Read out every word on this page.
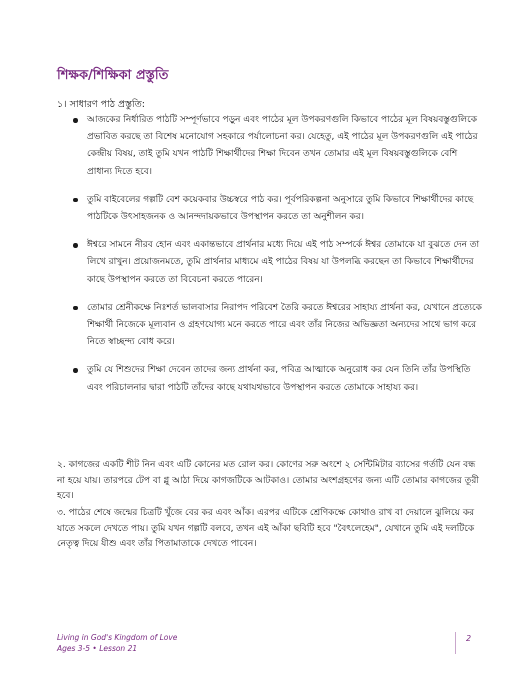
শিক্ষক/শিক্ষিকা প্রস্তুতি
১। সাধারণ পাঠ প্রস্তুতি:
আজকের নির্ধারিত পাঠটি সম্পূর্ণভাবে পড়ুন এবং পাঠের মূল উপকরণগুলি কিভাবে পাঠের মূল বিষয়বস্তুগুলিকে প্রভাবিত করছে তা বিশেষ মনোযোগ সহকারে পর্যালোচনা কর। যেহেতু, এই পাঠের মূল উপকরণগুলি এই পাঠের কেন্দ্রীয় বিষয়, তাই তুমি যখন পাঠটি শিক্ষার্থীদের শিক্ষা দিবেন তখন তোমার এই মূল বিষয়বস্তুগুলিকে বেশি প্রাধান্য দিতে হবে।
তুমি বাইবেলের গল্পটি বেশ কয়েকবার উচ্চস্বরে পাঠ কর। পূর্বপরিকল্পনা অনুসারে তুমি কিভাবে শিক্ষার্থীদের কাছে পাঠটিকে উৎসাহজনক ও আনন্দদায়কভাবে উপস্থাপন করতে তা অনুশীলন কর।
ঈশ্বরে সামনে নীরব হোন এবং একান্তভাবে প্রার্থনার মধ্যে দিয়ে এই পাঠ সম্পর্কে ঈশ্বর তোমাকে যা বুঝতে দেন তা লিখে রাখুন। প্রয়োজনমতে, তুমি প্রার্থনার মাধ্যমে এই পাঠের বিষয় যা উপলব্ধি করছেন তা কিভাবে শিক্ষার্থীদের কাছে উপস্থাপন করতে তা বিবেচনা করতে পারেন।
তোমার শ্রেনীকক্ষে নিঃশর্ত ভালবাসার নিরাপদ পরিবেশ তৈরি করতে ঈশ্বরের সাহায্য প্রার্থনা কর, যেখানে প্রত্যেকে শিক্ষার্থী নিজেকে মূল্যবান ও গ্রহণযোগ্য মনে করতে পারে এবং তাঁর নিজের অভিজ্ঞতা অন্যদের সাথে ভাগ করে নিতে স্বাচ্ছন্দ্য বোধ করে।
তুমি যে শিশুদের শিক্ষা দেবেন তাদের জন্য প্রার্থনা কর, পবিত্র আত্মাকে অনুরোধ কর যেন তিনি তাঁর উপস্থিতি এবং পরিচালনার দ্বারা পাঠটি তাঁদের কাছে যথাযথভাবে উপস্থাপন করতে তোমাকে সাহায্য কর।

২. কাগজের একটি শীট নিন এবং এটি কোনের মত রোল কর। কোণের সরু অংশে ২ সেন্টিমিটার ব্যাসের গর্তটি যেন বন্ধ না হয়ে যায়। তারপরে টেপ বা গ্লু আঠা দিয়ে কাগজটিকে আটকাও। তোমার অংশগ্রহণের জন্য এটি তোমার কাগজের তূরী হবে।

৩. পাঠের শেষে জন্মের চিত্রটি খুঁজে বের কর এবং আঁক। এরপর এটিকে শ্রেণিকক্ষে কোথাও রাখ বা দেয়ালে ঝুলিয়ে কর যাতে সকলে দেখতে পায়। তুমি যখন গল্পটি বলবে, তখন এই আঁকা ছবিটি হবে "বৈৎলেহেম", যেখানে তুমি এই দলটিকে নেতৃত্ব দিয়ে যীশু এবং তাঁর পিতামাতাকে দেখতে পাবেন।

Living in God's Kingdom of Love
Ages 3-5 • Lesson 21
2
